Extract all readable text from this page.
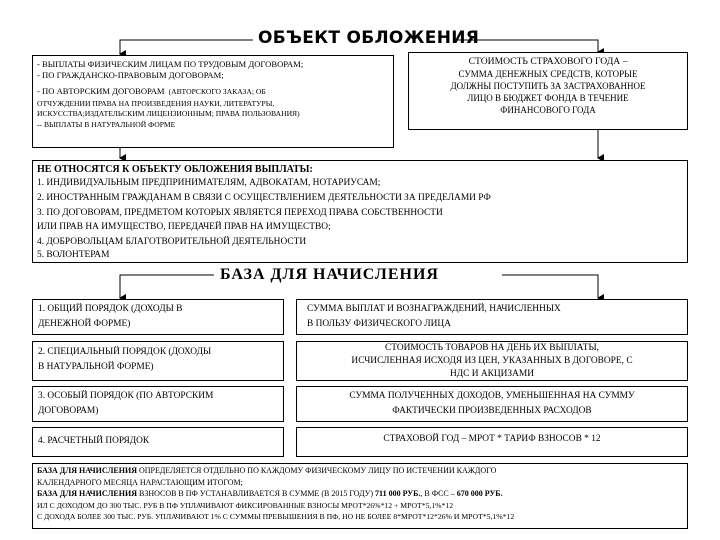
ОБЪЕКТ ОБЛОЖЕНИЯ
- ВЫПЛАТЫ ФИЗИЧЕСКИМ ЛИЦАМ ПО ТРУДОВЫМ ДОГОВОРАМ;
- ПО ГРАЖДАНСКО-ПРАВОВЫМ ДОГОВОРАМ;
- ПО АВТОРСКИМ ДОГОВОРАМ (АВТОРСКОГО ЗАКАЗА; ОБ
ОТЧУЖДЕНИИ ПРАВА НА ПРОИЗВЕДЕНИЯ НАУКИ, ЛИТЕРАТУРЫ,
ИСКУССТВА;ИЗДАТЕЛЬСКИМ ЛИЦЕНЗИОННЫМ; ПРАВА ПОЛЬЗОВАНИЯ)
-- ВЫПЛАТЫ В НАТУРАЛЬНОЙ ФОРМЕ
СТОИМОСТЬ СТРАХОВОГО ГОДА –
СУММА ДЕНЕЖНЫХ СРЕДСТВ, КОТОРЫЕ
ДОЛЖНЫ ПОСТУПИТЬ ЗА ЗАСТРАХОВАННОЕ
ЛИЦО В БЮДЖЕТ ФОНДА В ТЕЧЕНИЕ
ФИНАНСОВОГО ГОДА
НЕ ОТНОСЯТСЯ К ОБЪЕКТУ ОБЛОЖЕНИЯ ВЫПЛАТЫ:
1. ИНДИВИДУАЛЬНЫМ ПРЕДПРИНИМАТЕЛЯМ, АДВОКАТАМ, НОТАРИУСАМ;
2. ИНОСТРАННЫМ ГРАЖДАНАМ В СВЯЗИ С ОСУЩЕСТВЛЕНИЕМ ДЕЯТЕЛЬНОСТИ ЗА ПРЕДЕЛАМИ РФ
3. ПО ДОГОВОРАМ, ПРЕДМЕТОМ КОТОРЫХ ЯВЛЯЕТСЯ ПЕРЕХОД ПРАВА СОБСТВЕННОСТИ
ИЛИ ПРАВ НА ИМУЩЕСТВО, ПЕРЕДАЧЕЙ ПРАВ НА ИМУЩЕСТВО;
4. ДОБРОВОЛЬЦАМ БЛАГОТВОРИТЕЛЬНОЙ ДЕЯТЕЛЬНОСТИ
5. ВОЛОНТЕРАМ
БАЗА ДЛЯ НАЧИСЛЕНИЯ
1. ОБЩИЙ ПОРЯДОК (ДОХОДЫ В
ДЕНЕЖНОЙ ФОРМЕ)
СУММА ВЫПЛАТ И ВОЗНАГРАЖДЕНИЙ, НАЧИСЛЕННЫХ
В ПОЛЬЗУ ФИЗИЧЕСКОГО ЛИЦА
2. СПЕЦИАЛЬНЫЙ ПОРЯДОК (ДОХОДЫ
В НАТУРАЛЬНОЙ ФОРМЕ)
СТОИМОСТЬ ТОВАРОВ НА ДЕНЬ ИХ ВЫПЛАТЫ,
ИСЧИСЛЕННАЯ ИСХОДЯ ИЗ ЦЕН, УКАЗАННЫХ В ДОГОВОРЕ, С
НДС И АКЦИЗАМИ
3. ОСОБЫЙ ПОРЯДОК (ПО АВТОРСКИМ
ДОГОВОРАМ)
СУММА ПОЛУЧЕННЫХ ДОХОДОВ, УМЕНЬШЕННАЯ НА СУММУ
ФАКТИЧЕСКИ ПРОИЗВЕДЕННЫХ РАСХОДОВ
4. РАСЧЕТНЫЙ ПОРЯДОК	СТРАХОВОЙ ГОД – МРОТ * ТАРИФ ВЗНОСОВ * 12
БАЗА ДЛЯ НАЧИСЛЕНИЯ ОПРЕДЕЛЯЕТСЯ ОТДЕЛЬНО ПО КАЖДОМУ ФИЗИЧЕСКОМУ ЛИЦУ ПО ИСТЕЧЕНИИ КАЖДОГО
КАЛЕНДАРНОГО МЕСЯЦА НАРАСТАЮЩИМ ИТОГОМ;
БАЗА ДЛЯ НАЧИСЛЕНИЯ ВЗНОСОВ В ПФ УСТАНАВЛИВАЕТСЯ В СУММЕ (В 2015 ГОДУ) 711 000 РУБ., В ФСС – 670 000 РУБ.
ИЛ С ДОХОДОМ ДО 300 ТЫС. РУБ В ПФ УПЛАЧИВАЮТ ФИКСИРОВАННЫЕ ВЗНОСЫ МРОТ*26%*12 + МРОТ*5,1%*12
С ДОХОДА БОЛЕЕ 300 ТЫС. РУБ. УПЛАЧИВАЮТ 1% С СУММЫ ПРЕВЫШЕНИЯ В ПФ, НО НЕ БОЛЕЕ 8*МРОТ*12*26% И МРОТ*5,1%*12
